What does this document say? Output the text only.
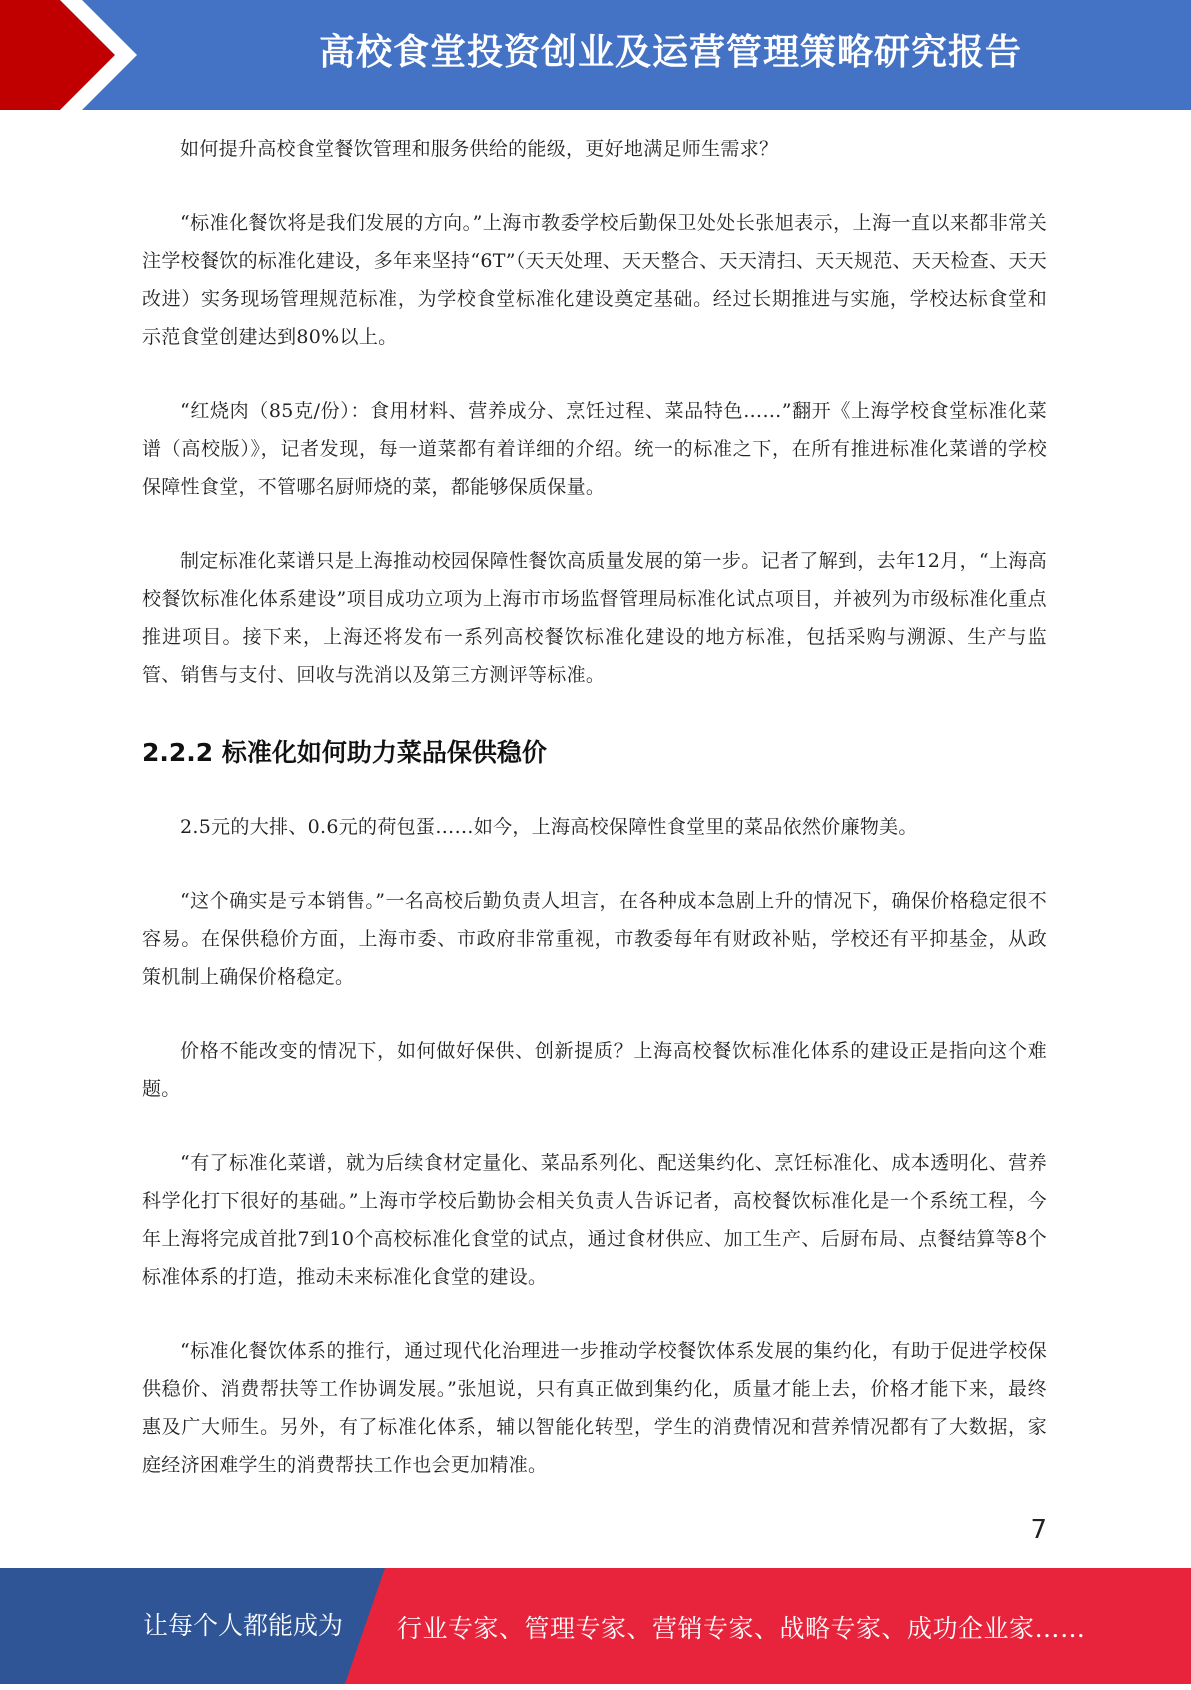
高校食堂投资创业及运营管理策略研究报告

如何提升高校食堂餐饮管理和服务供给的能级，更好地满足师生需求？

“标准化餐饮将是我们发展的方向。”上海市教委学校后勤保卫处处长张旭表示，上海一直以来都非常关注学校餐饮的标准化建设，多年来坚持“6T”（天天处理、天天整合、天天清扫、天天规范、天天检查、天天改进）实务现场管理规范标准，为学校食堂标准化建设奠定基础。经过长期推进与实施，学校达标食堂和示范食堂创建达到80%以上。

“红烧肉（85克/份）：食用材料、营养成分、烹饪过程、菜品特色……”翻开《上海学校食堂标准化菜谱（高校版）》，记者发现，每一道菜都有着详细的介绍。统一的标准之下，在所有推进标准化菜谱的学校保障性食堂，不管哪名厨师烧的菜，都能够保质保量。

制定标准化菜谱只是上海推动校园保障性餐饮高质量发展的第一步。记者了解到，去年12月，“上海高校餐饮标准化体系建设”项目成功立项为上海市市场监督管理局标准化试点项目，并被列为市级标准化重点推进项目。接下来，上海还将发布一系列高校餐饮标准化建设的地方标准，包括采购与溯源、生产与监管、销售与支付、回收与洗消以及第三方测评等标准。

2.2.2 标准化如何助力菜品保供稳价

2.5元的大排、0.6元的荷包蛋……如今，上海高校保障性食堂里的菜品依然价廉物美。

“这个确实是亏本销售。”一名高校后勤负责人坦言，在各种成本急剧上升的情况下，确保价格稳定很不容易。在保供稳价方面，上海市委、市政府非常重视，市教委每年有财政补贴，学校还有平抑基金，从政策机制上确保价格稳定。

价格不能改变的情况下，如何做好保供、创新提质？上海高校餐饮标准化体系的建设正是指向这个难题。

“有了标准化菜谱，就为后续食材定量化、菜品系列化、配送集约化、烹饪标准化、成本透明化、营养科学化打下很好的基础。”上海市学校后勤协会相关负责人告诉记者，高校餐饮标准化是一个系统工程，今年上海将完成首批7到10个高校标准化食堂的试点，通过食材供应、加工生产、后厨布局、点餐结算等8个标准体系的打造，推动未来标准化食堂的建设。

“标准化餐饮体系的推行，通过现代化治理进一步推动学校餐饮体系发展的集约化，有助于促进学校保供稳价、消费帮扶等工作协调发展。”张旭说，只有真正做到集约化，质量才能上去，价格才能下来，最终惠及广大师生。另外，有了标准化体系，辅以智能化转型，学生的消费情况和营养情况都有了大数据，家庭经济困难学生的消费帮扶工作也会更加精准。

7
让每个人都能成为 行业专家、管理专家、营销专家、战略专家、成功企业家……
